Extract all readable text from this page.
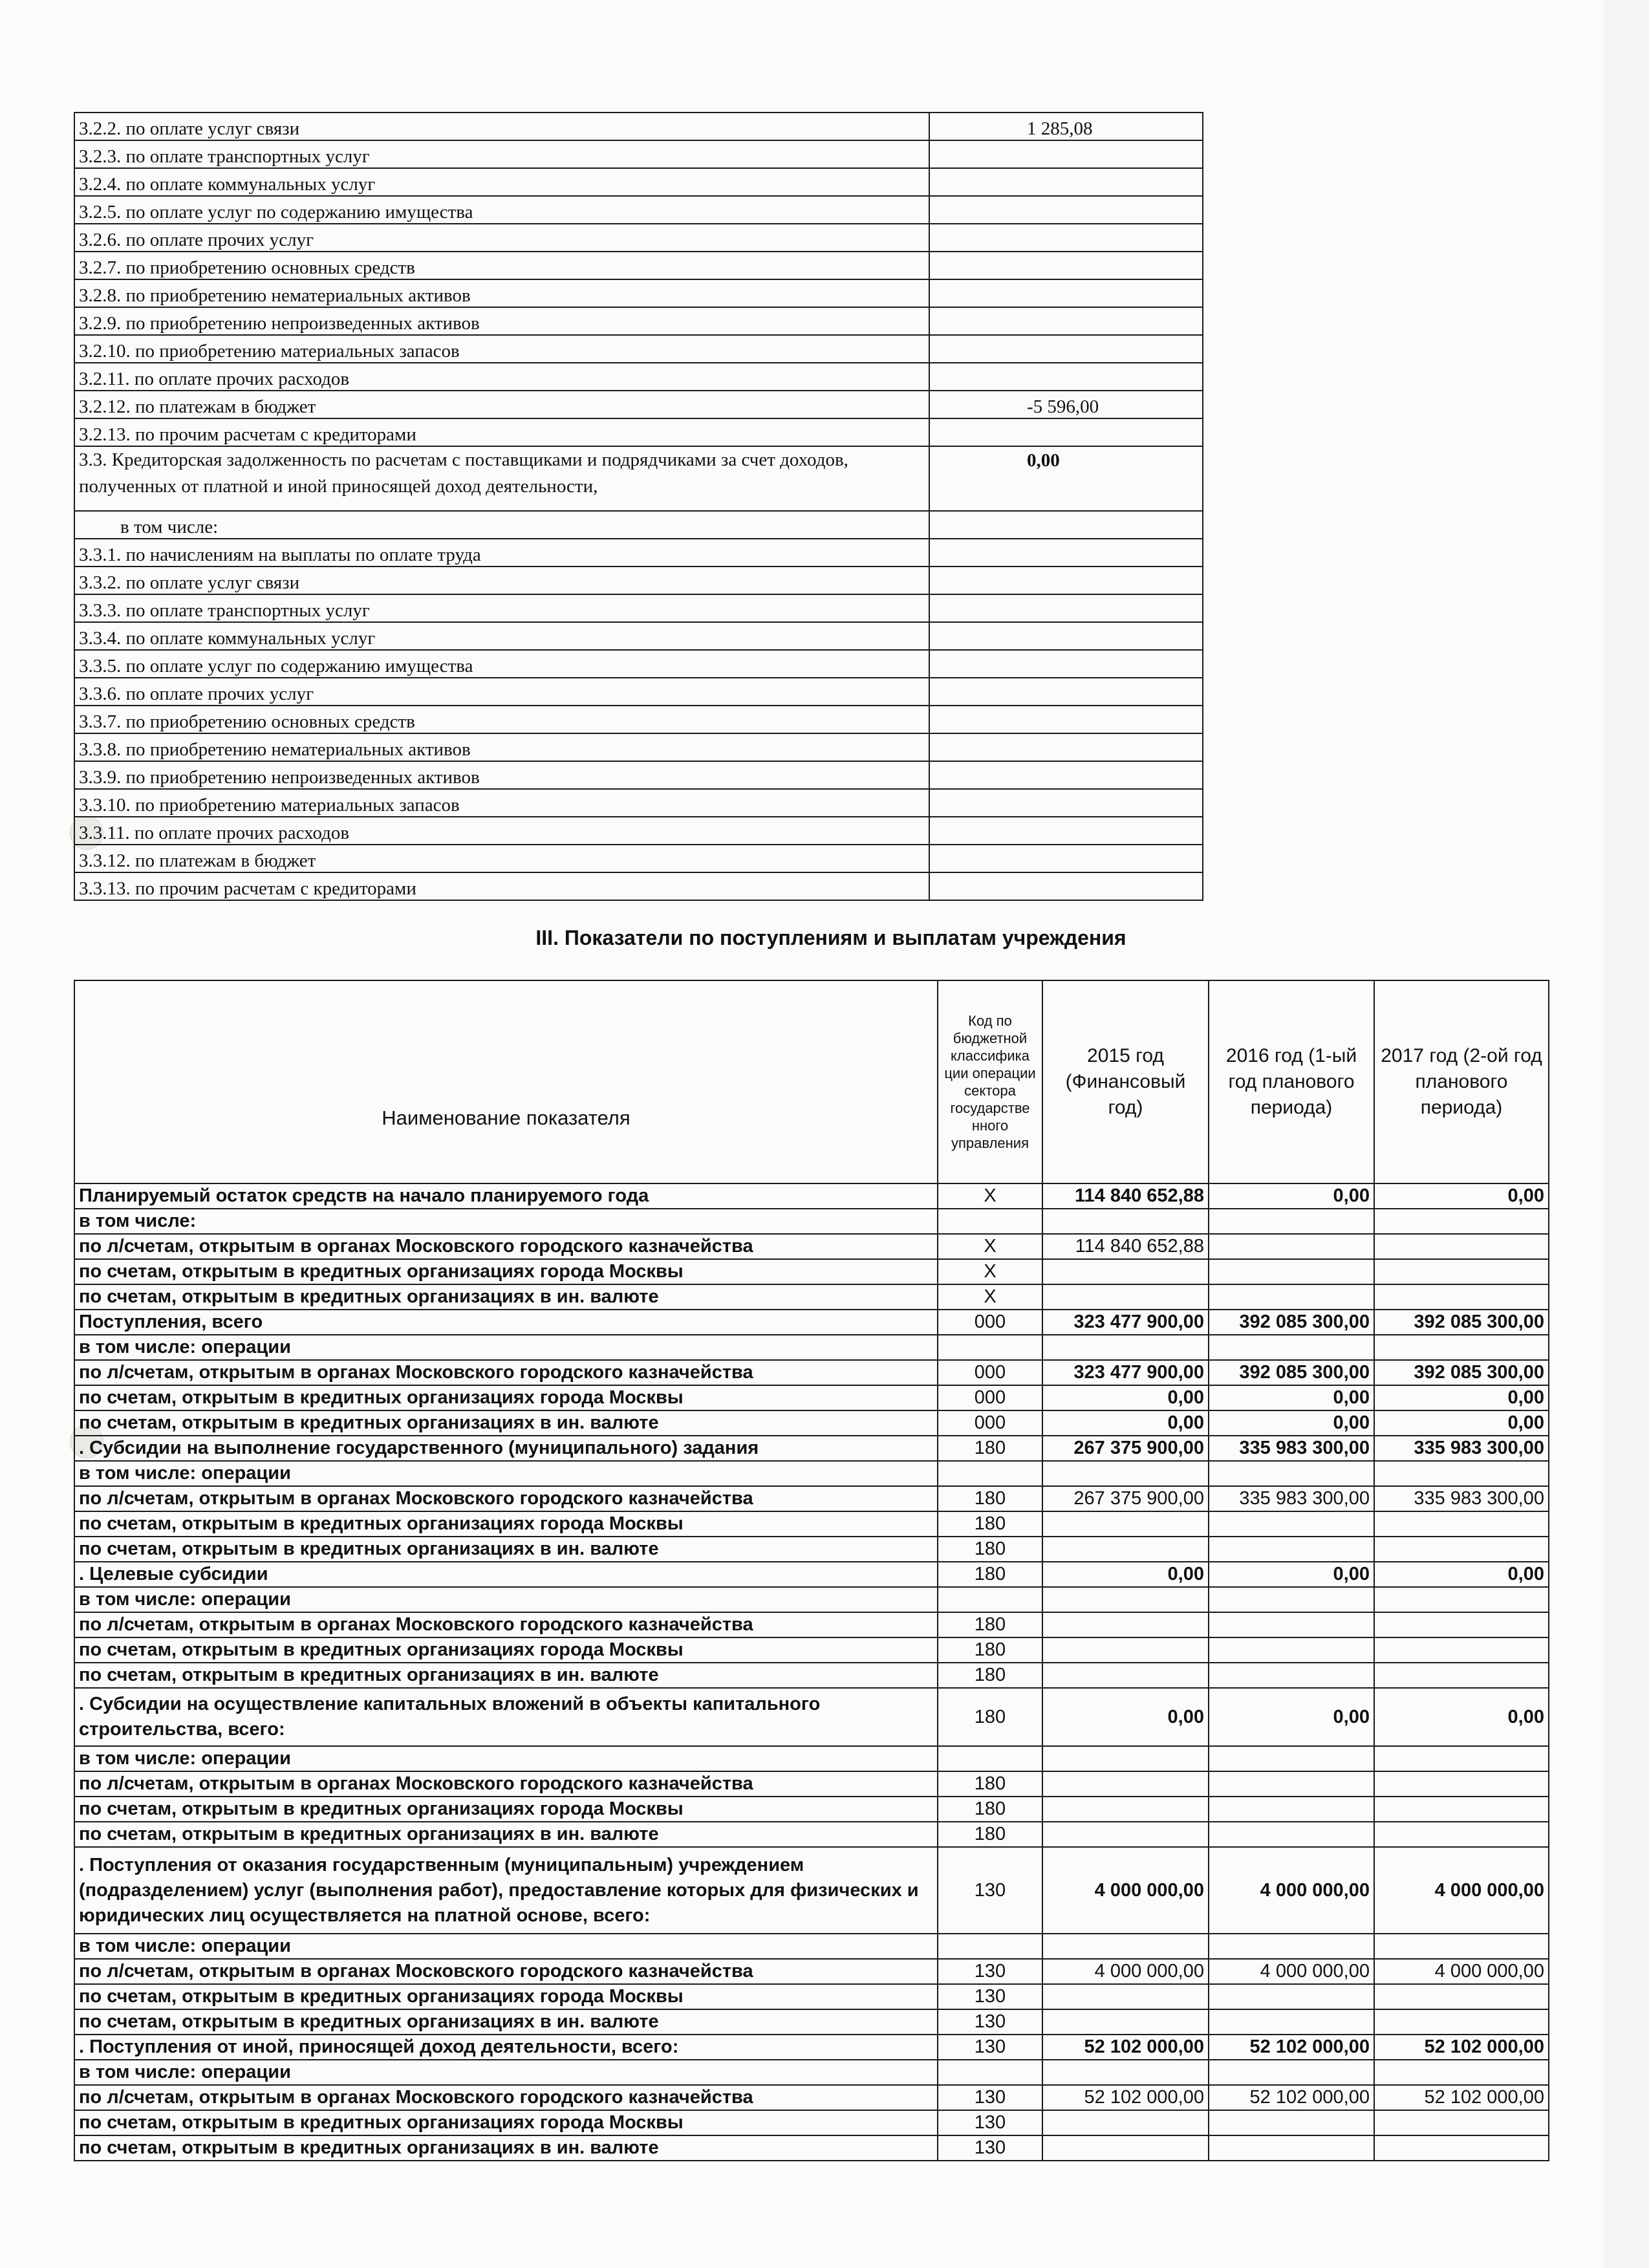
3.2.2. по оплате услуг связи	1 285,08
3.2.3. по оплате транспортных услуг	
3.2.4. по оплате коммунальных услуг	
3.2.5. по оплате услуг по содержанию имущества	
3.2.6. по оплате прочих услуг	
3.2.7. по приобретению основных средств	
3.2.8. по приобретению нематериальных активов	
3.2.9. по приобретению непроизведенных активов	
3.2.10. по приобретению материальных запасов	
3.2.11. по оплате прочих расходов	
3.2.12. по платежам в бюджет	-5 596,00
3.2.13. по прочим расчетам с кредиторами	
3.3. Кредиторская задолженность по расчетам с поставщиками и подрядчиками за счет доходов, полученных от платной и иной приносящей доход деятельности,	0,00
в том числе:	
3.3.1. по начислениям на выплаты по оплате труда	
3.3.2. по оплате услуг связи	
3.3.3. по оплате транспортных услуг	
3.3.4. по оплате коммунальных услуг	
3.3.5. по оплате услуг по содержанию имущества	
3.3.6. по оплате прочих услуг	
3.3.7. по приобретению основных средств	
3.3.8. по приобретению нематериальных активов	
3.3.9. по приобретению непроизведенных активов	
3.3.10. по приобретению материальных запасов	
3.3.11. по оплате прочих расходов	
3.3.12. по платежам в бюджет	
3.3.13. по прочим расчетам с кредиторами	
III. Показатели по поступлениям и выплатам учреждения
Наименование показателя	Код по бюджетной классифика ции операции сектора государстве нного управления	2015 год (Финансовый год)	2016 год (1-ый год планового периода)	2017 год (2-ой год планового периода)
Планируемый остаток средств на начало планируемого года	Х	114 840 652,88	0,00	0,00
в том числе:				
по л/счетам, открытым в органах Московского городского казначейства	Х	114 840 652,88		
по счетам, открытым в кредитных организациях города Москвы	Х			
по счетам, открытым в кредитных организациях в ин. валюте	Х			
Поступления, всего	000	323 477 900,00	392 085 300,00	392 085 300,00
в том числе: операции				
по л/счетам, открытым в органах Московского городского казначейства	000	323 477 900,00	392 085 300,00	392 085 300,00
по счетам, открытым в кредитных организациях города Москвы	000	0,00	0,00	0,00
по счетам, открытым в кредитных организациях в ин. валюте	000	0,00	0,00	0,00
. Субсидии на выполнение государственного (муниципального) задания	180	267 375 900,00	335 983 300,00	335 983 300,00
в том числе: операции				
по л/счетам, открытым в органах Московского городского казначейства	180	267 375 900,00	335 983 300,00	335 983 300,00
по счетам, открытым в кредитных организациях города Москвы	180			
по счетам, открытым в кредитных организациях в ин. валюте	180			
. Целевые субсидии	180	0,00	0,00	0,00
в том числе: операции				
по л/счетам, открытым в органах Московского городского казначейства	180			
по счетам, открытым в кредитных организациях города Москвы	180			
по счетам, открытым в кредитных организациях в ин. валюте	180			
. Субсидии на осуществление капитальных вложений в объекты капитального строительства, всего:	180	0,00	0,00	0,00
в том числе: операции				
по л/счетам, открытым в органах Московского городского казначейства	180			
по счетам, открытым в кредитных организациях города Москвы	180			
по счетам, открытым в кредитных организациях в ин. валюте	180			
. Поступления от оказания государственным (муниципальным) учреждением (подразделением) услуг (выполнения работ), предоставление которых для физических и юридических лиц осуществляется на платной основе, всего:	130	4 000 000,00	4 000 000,00	4 000 000,00
в том числе: операции				
по л/счетам, открытым в органах Московского городского казначейства	130	4 000 000,00	4 000 000,00	4 000 000,00
по счетам, открытым в кредитных организациях города Москвы	130			
по счетам, открытым в кредитных организациях в ин. валюте	130			
. Поступления от иной, приносящей доход деятельности, всего:	130	52 102 000,00	52 102 000,00	52 102 000,00
в том числе: операции				
по л/счетам, открытым в органах Московского городского казначейства	130	52 102 000,00	52 102 000,00	52 102 000,00
по счетам, открытым в кредитных организациях города Москвы	130			
по счетам, открытым в кредитных организациях в ин. валюте	130			
